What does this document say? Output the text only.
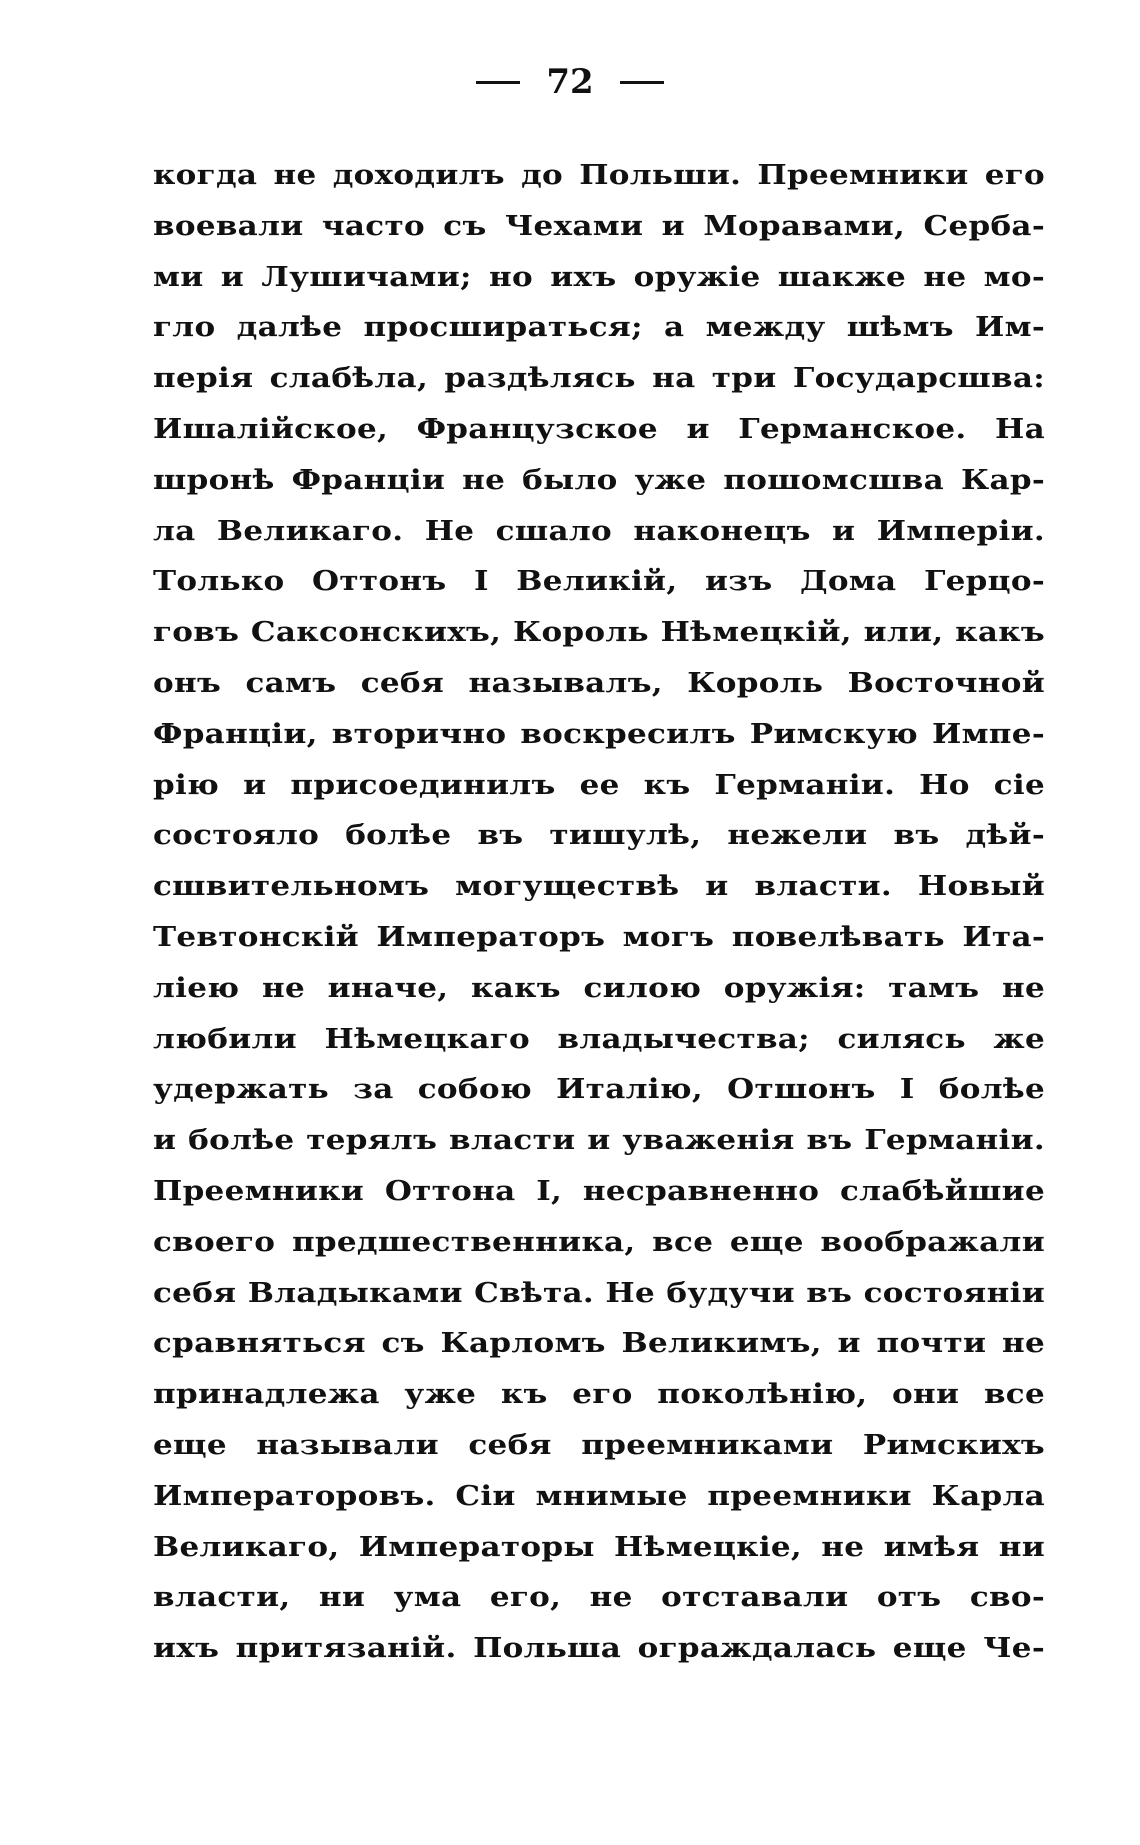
72
когда не доходилъ до Польши. Преемники его
воевали часто съ Чехами и Моравами, Серба-
ми и Лушичами; но ихъ оружіе шакже не мо-
гло далѣе просшираться; а между шѣмъ Им-
перія слабѣла, раздѣлясь на три Государсшва:
Ишалійское, Французское и Германское. На
шронѣ Франціи не было уже пошомсшва Кар-
ла Великаго. Не сшало наконецъ и Имперіи.
Только Оттонъ I Великій, изъ Дома Герцо-
говъ Саксонскихъ, Король Нѣмецкій, или, какъ
онъ самъ себя называлъ, Король Восточной
Франціи, вторично воскресилъ Римскую Импе-
рію и присоединилъ ее къ Германіи. Но сіе
состояло болѣе въ тишулѣ, нежели въ дѣй-
сшвительномъ могуществѣ и власти. Новый
Тевтонскій Императоръ могъ повелѣвать Ита-
ліею не иначе, какъ силою оружія: тамъ не
любили Нѣмецкаго владычества; силясь же
удержать за собою Италію, Отшонъ I болѣе
и болѣе терялъ власти и уваженія въ Германіи.
Преемники Оттона I, несравненно слабѣйшие
своего предшественника, все еще воображали
себя Владыками Свѣта. Не будучи въ состояніи
сравняться съ Карломъ Великимъ, и почти не
принадлежа уже къ его поколѣнію, они все
еще называли себя преемниками Римскихъ
Императоровъ. Сіи мнимые преемники Карла
Великаго, Императоры Нѣмецкіе, не имѣя ни
власти, ни ума его, не отставали отъ сво-
ихъ притязаній. Польша ограждалась еще Че-
